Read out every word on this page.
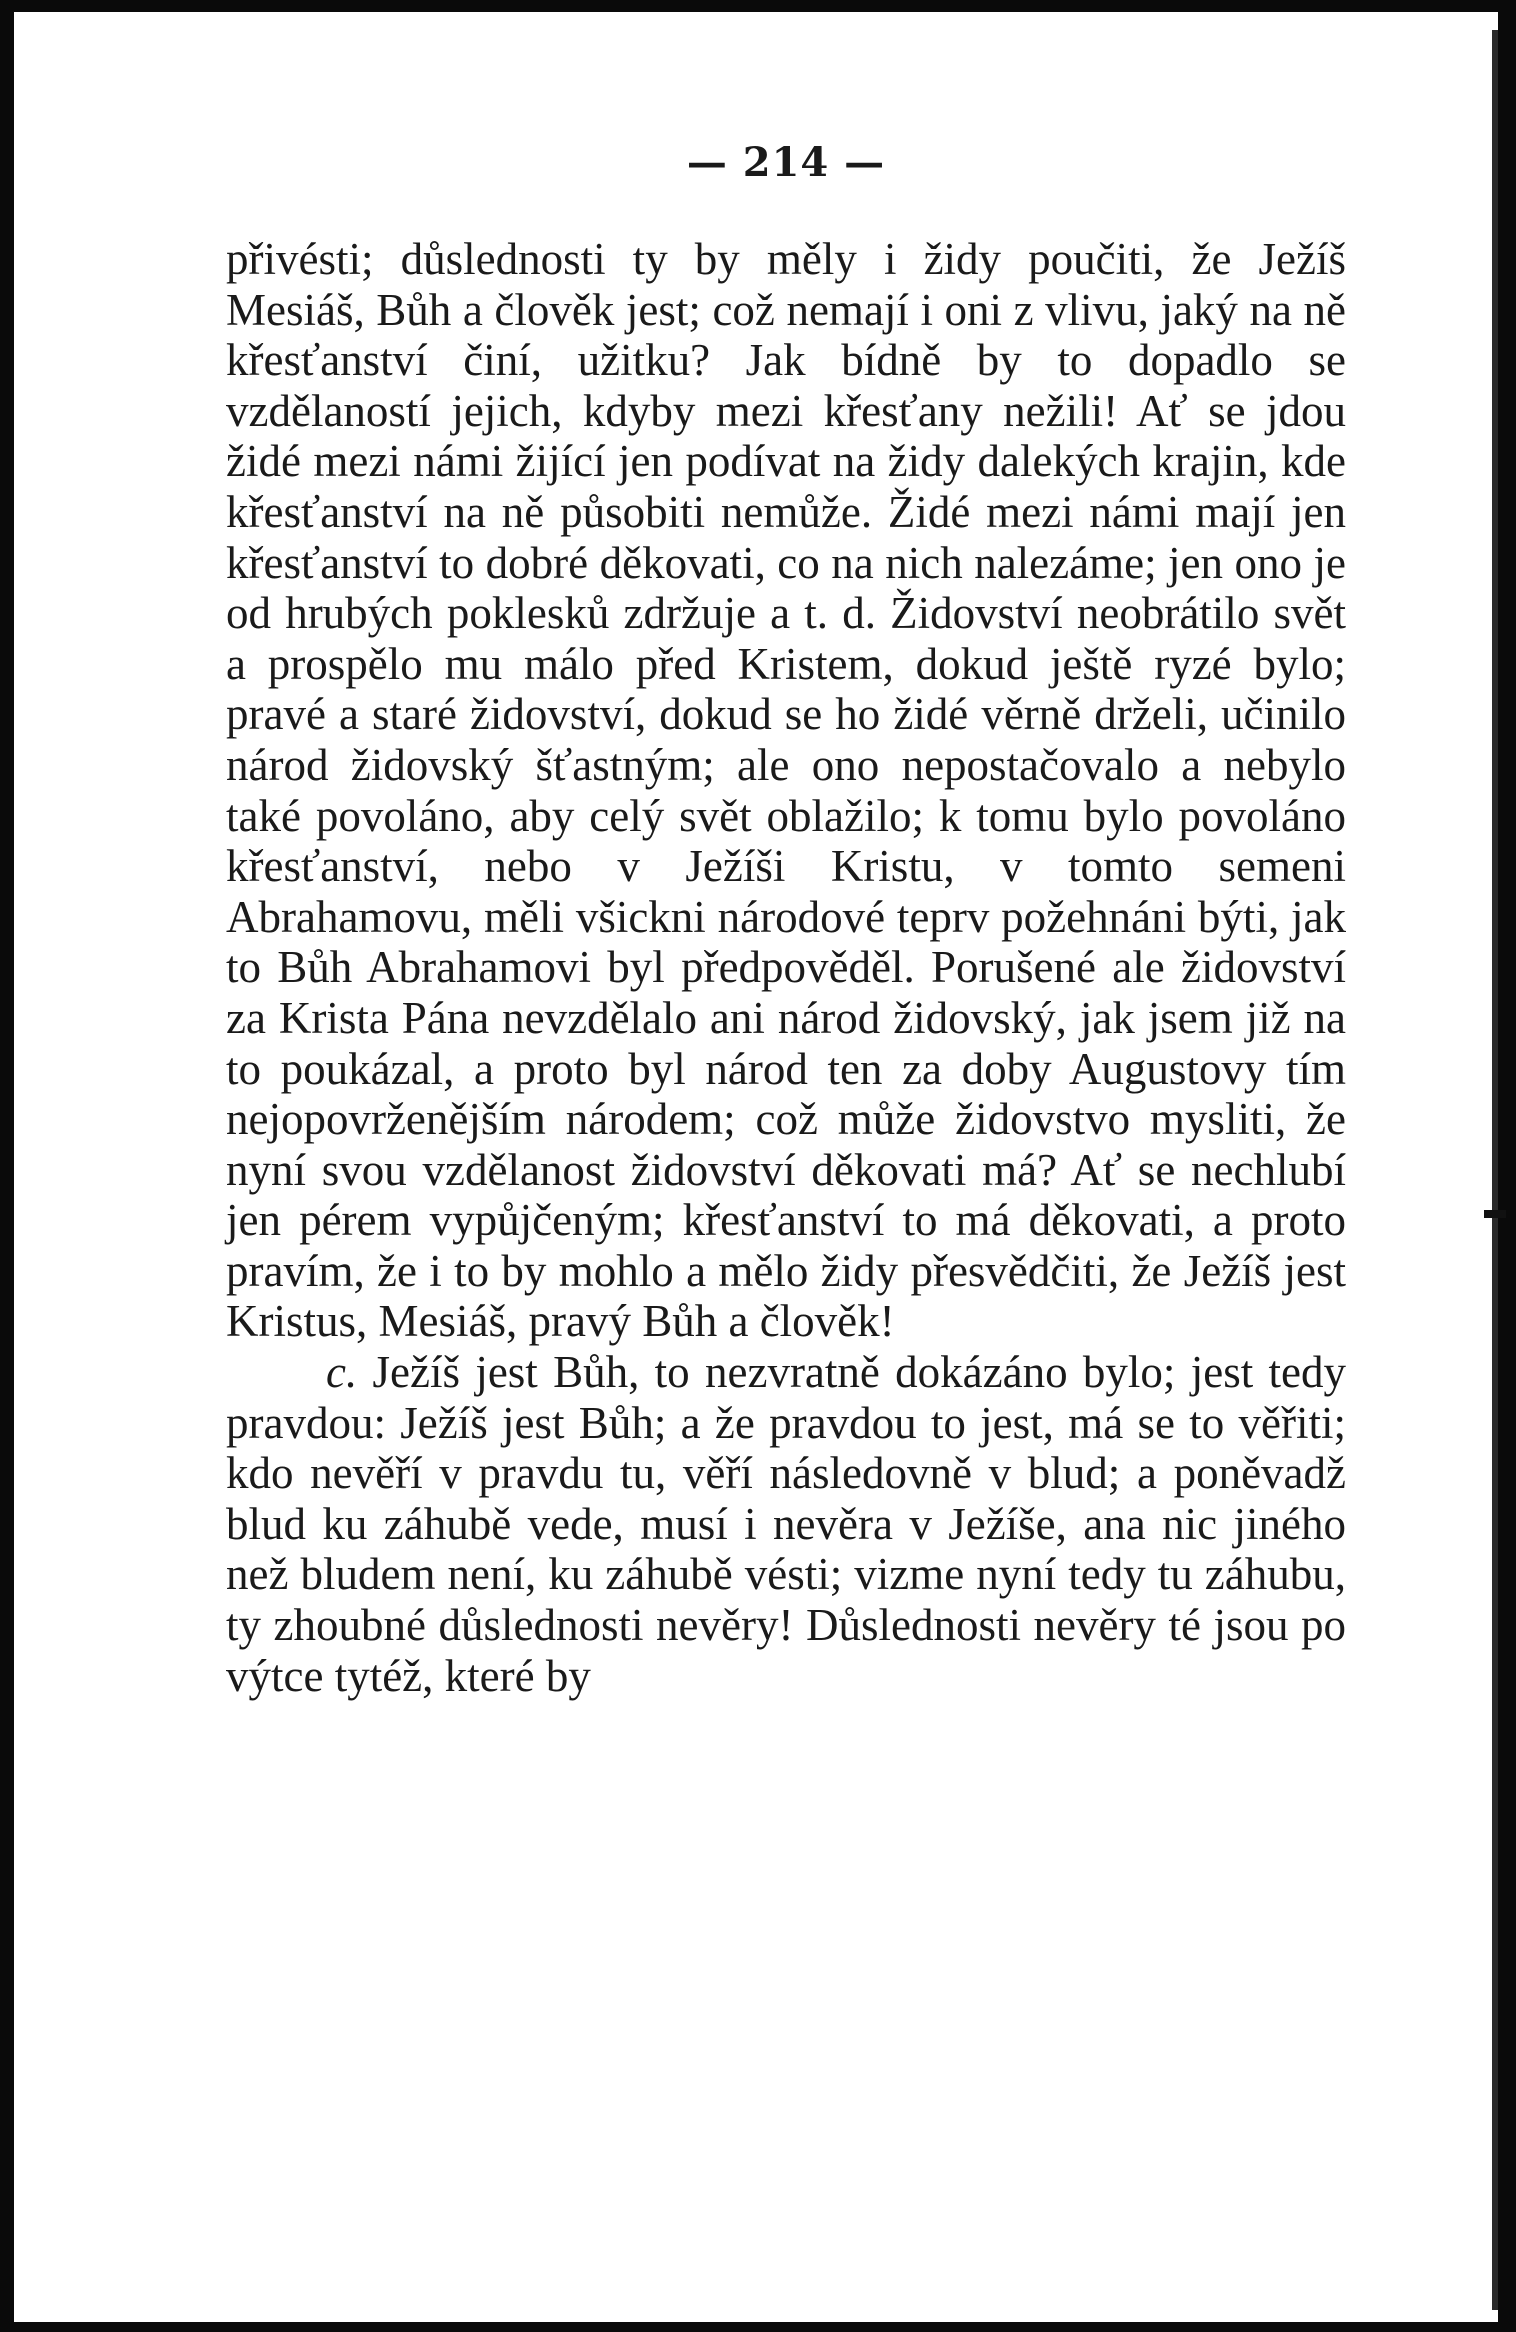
— 214 —

přivésti; důslednosti ty by měly i židy poučiti, že Ježíš Mesiáš, Bůh a člověk jest; což nemají i oni z vlivu, jaký na ně křesťanství činí, užitku? Jak bídně by to dopadlo se vzdělaností jejich, kdyby mezi křesťany nežili! Ať se jdou židé mezi námi žijící jen podívat na židy dalekých krajin, kde křesťanství na ně působiti nemůže. Židé mezi námi mají jen křesťanství to dobré děkovati, co na nich nalezáme; jen ono je od hrubých poklesků zdržuje a t. d. Židovství neobrátilo svět a prospělo mu málo před Kristem, dokud ještě ryzé bylo; pravé a staré židovství, dokud se ho židé věrně drželi, učinilo národ židovský šťastným; ale ono nepostačovalo a nebylo také povoláno, aby celý svět oblažilo; k tomu bylo povoláno křesťanství, nebo v Ježíši Kristu, v tomto semeni Abrahamovu, měli všickni národové teprv požehnáni býti, jak to Bůh Abrahamovi byl předpověděl. Porušené ale židovství za Krista Pána nevzdělalo ani národ židovský, jak jsem již na to poukázal, a proto byl národ ten za doby Augustovy tím nejopovrženějším národem; což může židovstvo mysliti, že nyní svou vzdělanost židovství děkovati má? Ať se nechlubí jen pérem vypůjčeným; křesťanství to má děkovati, a proto pravím, že i to by mohlo a mělo židy přesvědčiti, že Ježíš jest Kristus, Mesiáš, pravý Bůh a člověk!

c. Ježíš jest Bůh, to nezvratně dokázáno bylo; jest tedy pravdou: Ježíš jest Bůh; a že pravdou to jest, má se to věřiti; kdo nevěří v pravdu tu, věří následovně v blud; a poněvadž blud ku záhubě vede, musí i nevěra v Ježíše, ana nic jiného než bludem není, ku záhubě vésti; vizme nyní tedy tu záhubu, ty zhoubné důslednosti nevěry! Důslednosti nevěry té jsou po výtce tytéž, které by
